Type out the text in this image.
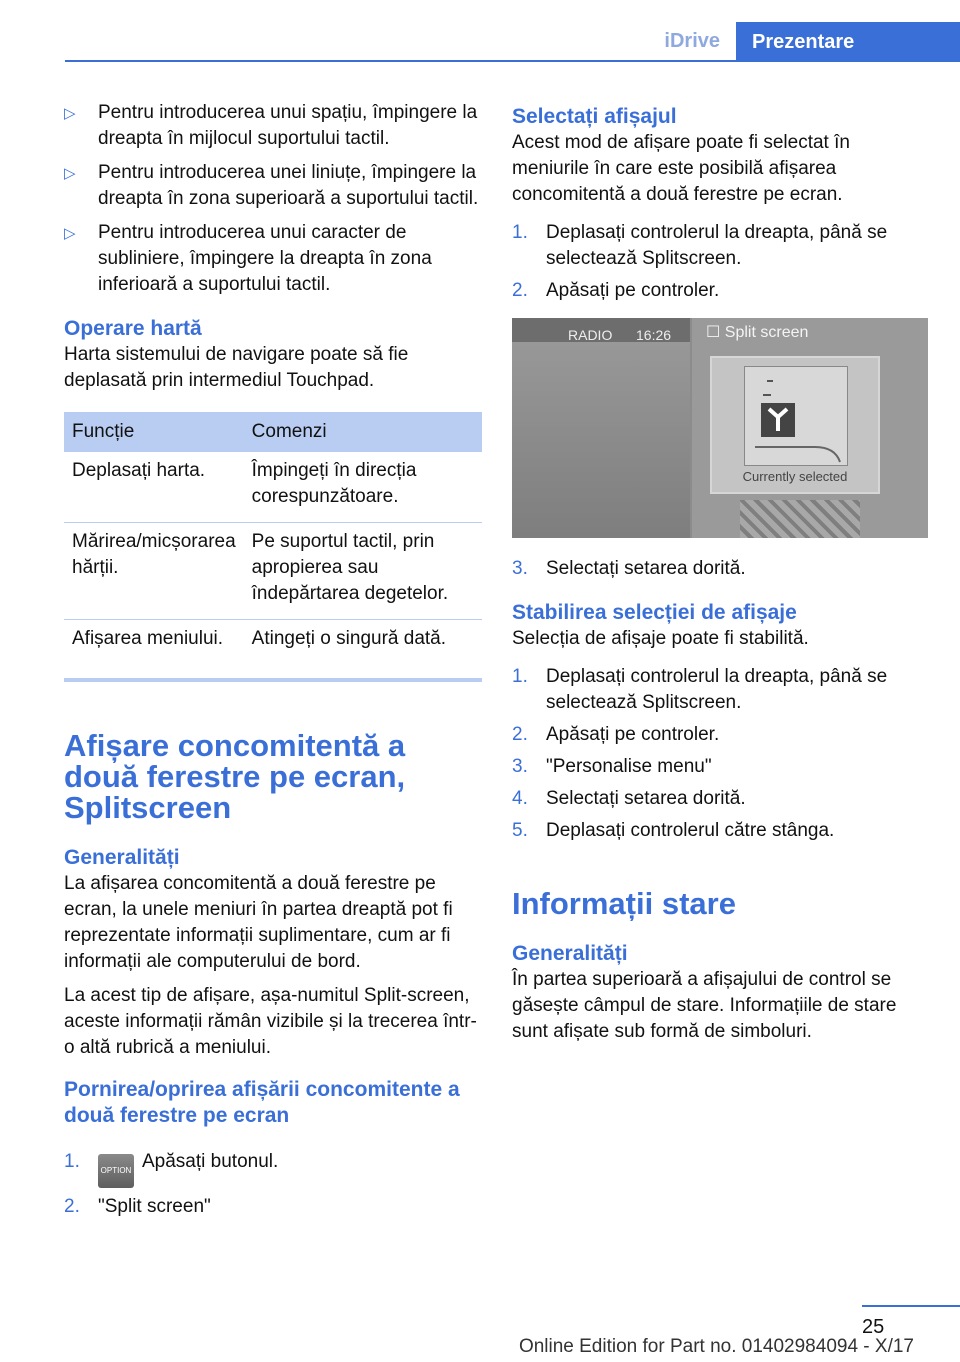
iDrive	Prezentare
▷ Pentru introducerea unui spațiu, împingere la dreapta în mijlocul suportului tactil.
▷ Pentru introducerea unei liniuțe, împingere la dreapta în zona superioară a suportului tactil.
▷ Pentru introducerea unui caracter de subliniere, împingere la dreapta în zona inferioară a suportului tactil.
Operare hartă

Harta sistemului de navigare poate să fie deplasată prin intermediul Touchpad.

Funcție	Comenzi
Deplasați harta.	Împingeți în direcția corespunzătoare.
Mărirea/micșorarea hărții.	Pe suportul tactil, prin apropierea sau îndepărtarea degetelor.
Afișarea meniului.	Atingeți o singură dată.
Afișare concomitentă a două ferestre pe ecran, Splitscreen
Generalități

La afișarea concomitentă a două ferestre pe ecran, la unele meniuri în partea dreaptă pot fi reprezentate informații suplimentare, cum ar fi informații ale computerului de bord.

La acest tip de afișare, așa-numitul Split-screen, aceste informații rămân vizibile și la trecerea într-o altă rubrică a meniului.

Pornirea/oprirea afișării concomitente a două ferestre pe ecran
1.	OPTION Apăsați butonul.
2. "Split screen"
Selectați afișajul

Acest mod de afișare poate fi selectat în meniurile în care este posibilă afișarea concomitentă a două ferestre pe ecran.

1. Deplasați controlerul la dreapta, până se selectează Splitscreen.
2. Apăsați pe controler.
RADIO 16:26 ☐ Split screen
Currently selected
3. Selectați setarea dorită.
Stabilirea selecției de afișaje

Selecția de afișaje poate fi stabilită.

1. Deplasați controlerul la dreapta, până se selectează Splitscreen.
2. Apăsați pe controler.
3. "Personalise menu"
4. Selectați setarea dorită.
5. Deplasați controlerul către stânga.
Informații stare
Generalități

În partea superioară a afișajului de control se găsește câmpul de stare. Informațiile de stare sunt afișate sub formă de simboluri.

25
Online Edition for Part no. 01402984094 - X/17
